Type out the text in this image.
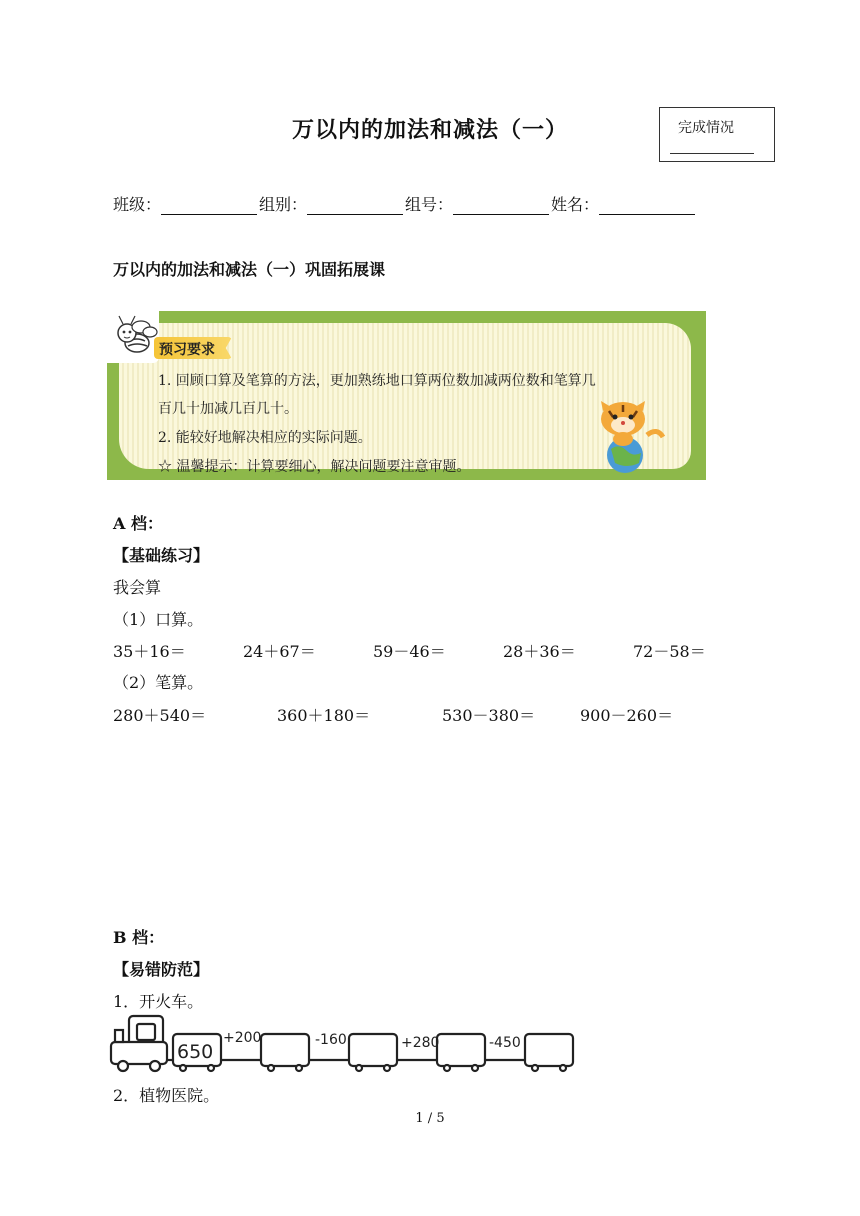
万以内的加法和减法（一）	完成情况
班级：	组别：	组号：	姓名：
万以内的加法和减法（一）巩固拓展课
预习要求
1. 回顾口算及笔算的方法，更加熟练地口算两位数加减两位数和笔算几
百几十加减几百几十。
2. 能较好地解决相应的实际问题。
☆ 温馨提示：计算要细心，解决问题要注意审题。
A 档：
【基础练习】
我会算
（1）口算。
35＋16＝	24＋67＝	59－46＝	28＋36＝	72－58＝
（2）笔算。
280＋540＝	360＋180＝	530－380＝	900－260＝
B 档：
【易错防范】
1．开火车。
650
+200	-160	+280	-450
2．植物医院。
1 / 5
